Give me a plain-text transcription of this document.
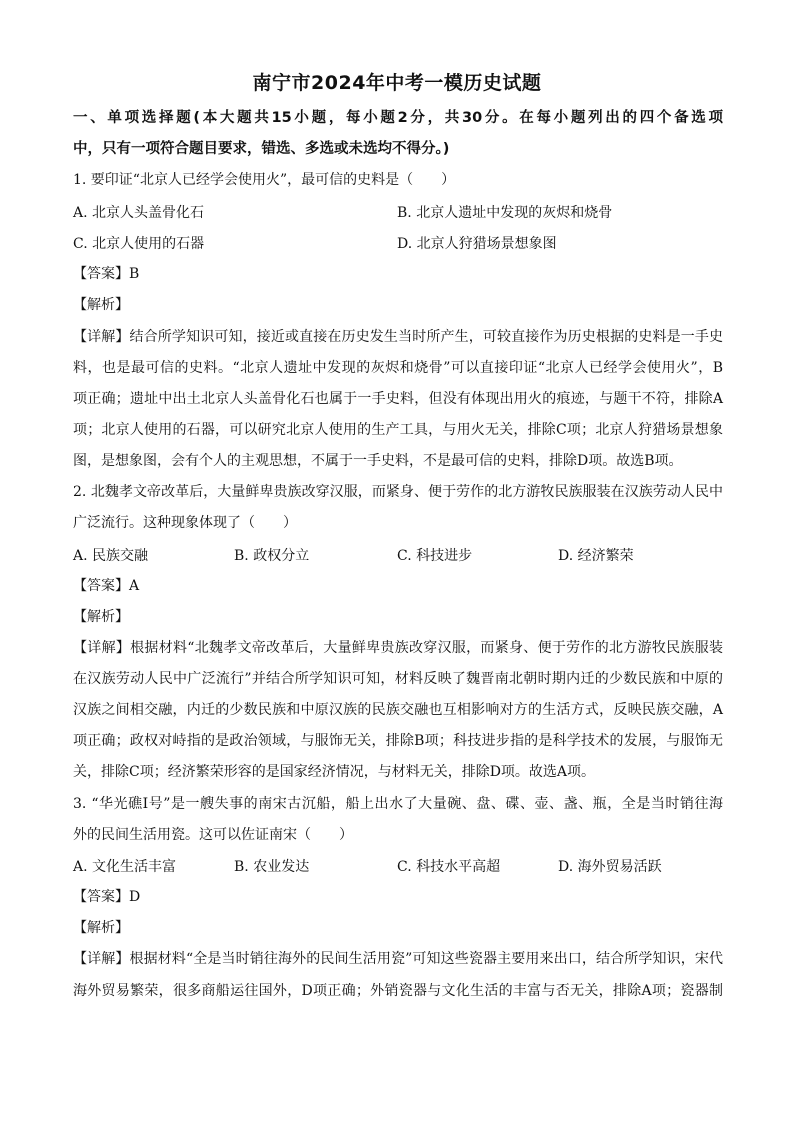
南宁市2024年中考一模历史试题
一、单项选择题(本大题共15小题，每小题2分，共30分。在每小题列出的四个备选项
中，只有一项符合题目要求，错选、多选或未选均不得分。)
1. 要印证“北京人已经学会使用火”，最可信的史料是（　　）
A. 北京人头盖骨化石	B. 北京人遗址中发现的灰烬和烧骨
C. 北京人使用的石器	D. 北京人狩猎场景想象图
【答案】B
【解析】
【详解】结合所学知识可知，接近或直接在历史发生当时所产生，可较直接作为历史根据的史料是一手史
料，也是最可信的史料。“北京人遗址中发现的灰烬和烧骨”可以直接印证“北京人已经学会使用火”，B
项正确；遗址中出土北京人头盖骨化石也属于一手史料，但没有体现出用火的痕迹，与题干不符，排除A
项；北京人使用的石器，可以研究北京人使用的生产工具，与用火无关，排除C项；北京人狩猎场景想象
图，是想象图，会有个人的主观思想，不属于一手史料，不是最可信的史料，排除D项。故选B项。
2. 北魏孝文帝改革后，大量鲜卑贵族改穿汉服，而紧身、便于劳作的北方游牧民族服装在汉族劳动人民中
广泛流行。这种现象体现了（　　）
A. 民族交融	B. 政权分立	C. 科技进步	D. 经济繁荣
【答案】A
【解析】
【详解】根据材料“北魏孝文帝改革后，大量鲜卑贵族改穿汉服，而紧身、便于劳作的北方游牧民族服装
在汉族劳动人民中广泛流行”并结合所学知识可知，材料反映了魏晋南北朝时期内迁的少数民族和中原的
汉族之间相交融，内迁的少数民族和中原汉族的民族交融也互相影响对方的生活方式，反映民族交融，A
项正确；政权对峙指的是政治领域，与服饰无关，排除B项；科技进步指的是科学技术的发展，与服饰无
关，排除C项；经济繁荣形容的是国家经济情况，与材料无关，排除D项。故选A项。
3. “华光礁Ⅰ号”是一艘失事的南宋古沉船，船上出水了大量碗、盘、碟、壶、盏、瓶，全是当时销往海
外的民间生活用瓷。这可以佐证南宋（　　）
A. 文化生活丰富	B. 农业发达	C. 科技水平高超	D. 海外贸易活跃
【答案】D
【解析】
【详解】根据材料“全是当时销往海外的民间生活用瓷”可知这些瓷器主要用来出口，结合所学知识，宋代
海外贸易繁荣，很多商船运往国外，D项正确；外销瓷器与文化生活的丰富与否无关，排除A项；瓷器制
